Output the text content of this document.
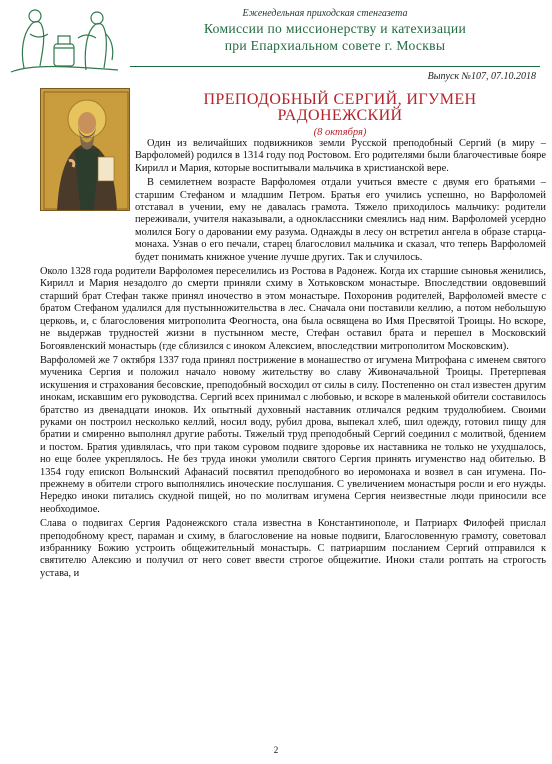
Еженедельная приходская стенгазета
Комиссии по миссионерству и катехизации
при Епархиальном совете г. Москвы
Выпуск №107, 07.10.2018
ПРЕПОДОБНЫЙ СЕРГИЙ, ИГУМЕН
РАДОНЕЖСКИЙ
(8 октября)

Один из величайших подвижников земли Русской преподобный Сергий (в миру – Варфоломей) родился в 1314 году под Ростовом. Его родителями были благочестивые бояре Кирилл и Мария, которые воспитывали мальчика в христианской вере.

В семилетнем возрасте Варфоломея отдали учиться вместе с двумя его братьями – старшим Стефаном и младшим Петром. Братья его учились успешно, но Варфоломей отставал в учении, ему не давалась грамота. Тяжело приходилось мальчику: родители переживали, учителя наказывали, а одноклассники смеялись над ним. Варфоломей усердно молился Богу о даровании ему разума. Однажды в лесу он встретил ангела в образе старца-монаха. Узнав о его печали, старец благословил мальчика и сказал, что теперь Варфоломей будет понимать книжное учение лучше других. Так и случилось.

Около 1328 года родители Варфоломея переселились из Ростова в Радонеж. Когда их старшие сыновья женились, Кирилл и Мария незадолго до смерти приняли схиму в Хотьковском монастыре. Впоследствии овдовевший старший брат Стефан также принял иночество в этом монастыре. Похоронив родителей, Варфоломей вместе с братом Стефаном удалился для пустынножительства в лес. Сначала они поставили келлию, а потом небольшую церковь, и, с благословения митрополита Феогноста, она была освящена во Имя Пресвятой Троицы. Но вскоре, не выдержав трудностей жизни в пустынном месте, Стефан оставил брата и перешел в Московский Богоявленский монастырь (где сблизился с иноком Алексием, впоследствии митрополитом Московским).

Варфоломей же 7 октября 1337 года принял пострижение в монашество от игумена Митрофана с именем святого мученика Сергия и положил начало новому жительству во славу Живоначальной Троицы. Претерпевая искушения и страхования бесовские, преподобный восходил от силы в силу. Постепенно он стал известен другим инокам, искавшим его руководства. Сергий всех принимал с любовью, и вскоре в маленькой обители составилось братство из двенадцати иноков. Их опытный духовный наставник отличался редким трудолюбием. Своими руками он построил несколько келлий, носил воду, рубил дрова, выпекал хлеб, шил одежду, готовил пищу для братии и смиренно выполнял другие работы. Тяжелый труд преподобный Сергий соединил с молитвой, бдением и постом. Братия удивлялась, что при таком суровом подвиге здоровье их наставника не только не ухудшалось, но еще более укреплялось. Не без труда иноки умолили святого Сергия принять игуменство над обителью. В 1354 году епископ Волынский Афанасий посвятил преподобного во иеромонаха и возвел в сан игумена. По-прежнему в обители строго выполнялись иноческие послушания. С увеличением монастыря росли и его нужды. Нередко иноки питались скудной пищей, но по молитвам игумена Сергия неизвестные люди приносили все необходимое.

Слава о подвигах Сергия Радонежского стала известна в Константинополе, и Патриарх Филофей прислал преподобному крест, параман и схиму, в благословение на новые подвиги, Благословенную грамоту, советовал избраннику Божию устроить общежительный монастырь. С патриаршим посланием Сергий отправился к святителю Алексию и получил от него совет ввести строгое общежитие. Иноки стали роптать на строгость устава, и

2
